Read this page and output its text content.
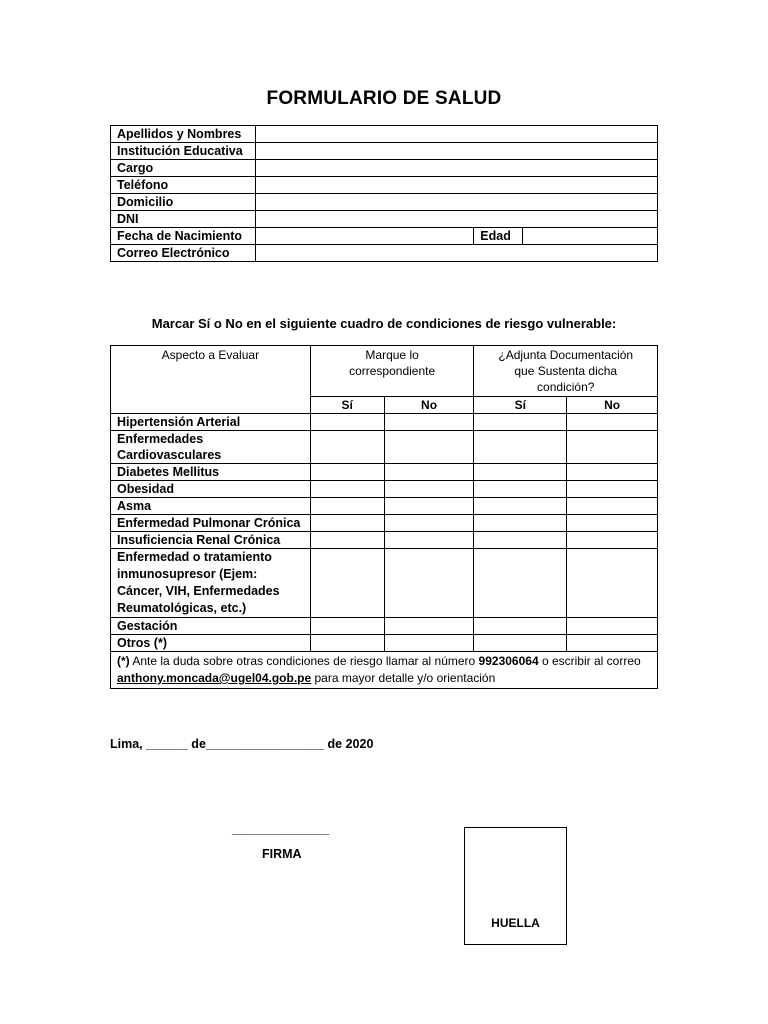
FORMULARIO DE SALUD
Apellidos y Nombres			
Institución Educativa			
Cargo			
Teléfono			
Domicilio			
DNI			
Fecha de Nacimiento		Edad	
Correo Electrónico			
Marcar Sí o No en el siguiente cuadro de condiciones de riesgo vulnerable:
Aspecto a Evaluar	Marque lo correspondiente		¿Adjunta Documentación que Sustenta dicha condición?	
	Sí	No	Sí	No
Hipertensión Arterial				
Enfermedades Cardiovasculares				
Diabetes Mellitus				
Obesidad				
Asma				
Enfermedad Pulmonar Crónica				
Insuficiencia Renal Crónica				
Enfermedad o tratamiento inmunosupresor (Ejem: Cáncer, VIH, Enfermedades Reumatológicas, etc.)				
Gestación				
Otros (*)				
(*) Ante la duda sobre otras condiciones de riesgo llamar al número 992306064 o escribir al correo anthony.moncada@ugel04.gob.pe para mayor detalle y/o orientación				
Lima, ______ de_________________ de 2020
______________
FIRMA
HUELLA
